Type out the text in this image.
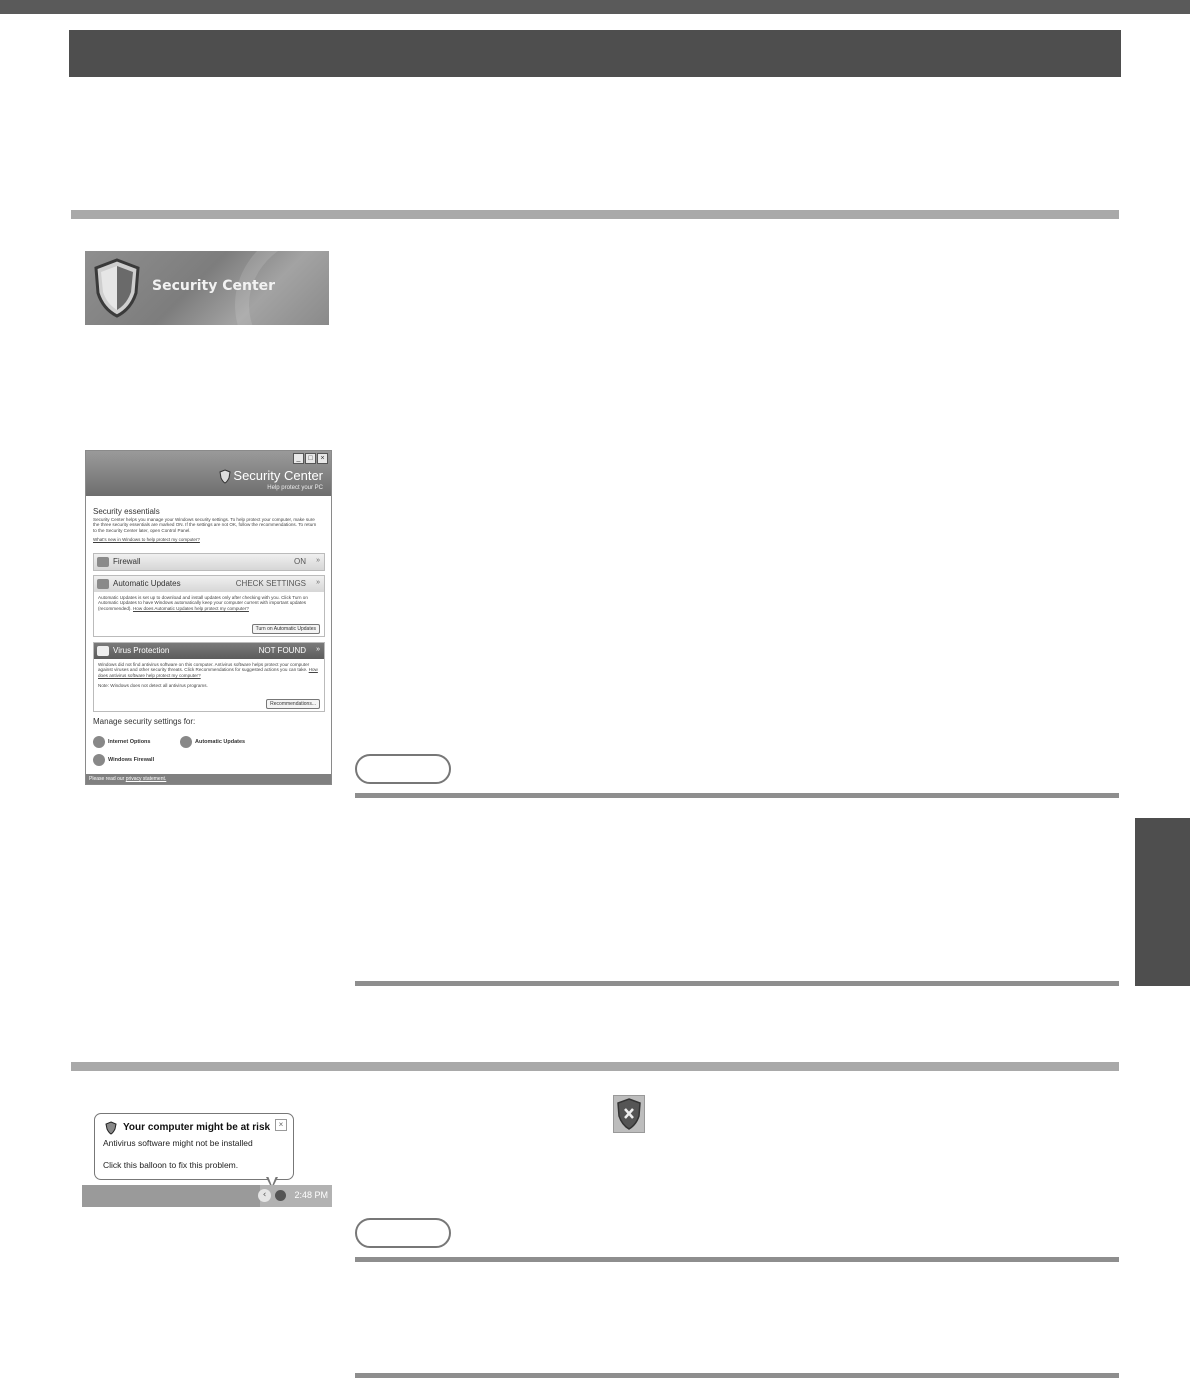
Security Center
_	□	×
Security Center
Help protect your PC
Security essentials
Security Center helps you manage your Windows security settings. To help protect your computer, make sure the three security essentials are marked ON. If the settings are not OK, follow the recommendations. To return to the Security Center later, open Control Panel.
What's new in Windows to help protect my computer?
Firewall	ON »
Automatic Updates	CHECK SETTINGS »
Automatic Updates is set up to download and install updates only after checking with you. Click Turn on Automatic Updates to have Windows automatically keep your computer current with important updates (recommended). How does Automatic Updates help protect my computer?
Turn on Automatic Updates
Virus Protection	NOT FOUND »
Windows did not find antivirus software on this computer. Antivirus software helps protect your computer against viruses and other security threats. Click Recommendations for suggested actions you can take. How does antivirus software help protect my computer?
Note: Windows does not detect all antivirus programs.
Recommendations...
Manage security settings for:
Internet Options	Automatic Updates
Windows Firewall
Please read our privacy statement.
Your computer might be at risk	×
Antivirus software might not be installed
Click this balloon to fix this problem.
‹	2:48 PM
